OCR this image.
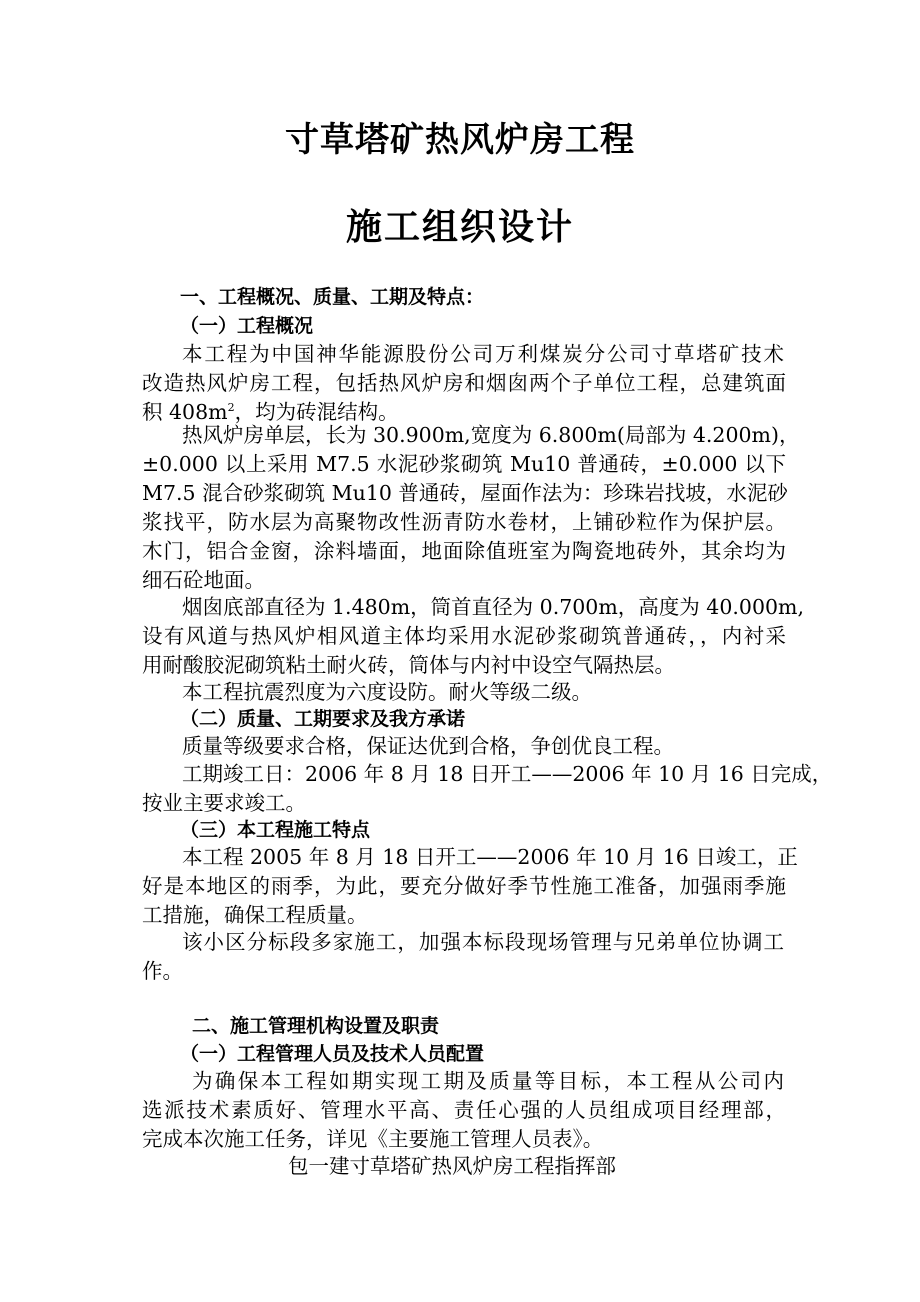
寸草塔矿热风炉房工程
施工组织设计
一、工程概况、质量、工期及特点：
（一）工程概况
本工程为中国神华能源股份公司万利煤炭分公司寸草塔矿技术
改造热风炉房工程，包括热风炉房和烟囱两个子单位工程，总建筑面
积 $408m^2$，均为砖混结构。
热风炉房单层，长为 30.900m,宽度为 6.800m(局部为 4.200m)，
±0.000 以上采用 M7.5 水泥砂浆砌筑 Mu10 普通砖，±0.000 以下
M7.5 混合砂浆砌筑 Mu10 普通砖，屋面作法为：珍珠岩找坡，水泥砂
浆找平，防水层为高聚物改性沥青防水卷材，上铺砂粒作为保护层。
木门，铝合金窗，涂料墙面，地面除值班室为陶瓷地砖外，其余均为
细石砼地面。
烟囱底部直径为 1.480m，筒首直径为 0.700m，高度为 40.000m,
设有风道与热风炉相风道主体均采用水泥砂浆砌筑普通砖，，内衬采
用耐酸胶泥砌筑粘土耐火砖，筒体与内衬中设空气隔热层。
本工程抗震烈度为六度设防。耐火等级二级。
（二）质量、工期要求及我方承诺
质量等级要求合格，保证达优到合格，争创优良工程。
工期竣工日：2006 年 8 月 18 日开工——2006 年 10 月 16 日完成，
按业主要求竣工。
（三）本工程施工特点
本工程 2005 年 8 月 18 日开工——2006 年 10 月 16 日竣工，正
好是本地区的雨季，为此，要充分做好季节性施工准备，加强雨季施
工措施，确保工程质量。
该小区分标段多家施工，加强本标段现场管理与兄弟单位协调工
作。
二、施工管理机构设置及职责
（一）工程管理人员及技术人员配置
为确保本工程如期实现工期及质量等目标，本工程从公司内
选派技术素质好、管理水平高、责任心强的人员组成项目经理部，
完成本次施工任务，详见《主要施工管理人员表》。
包一建寸草塔矿热风炉房工程指挥部
